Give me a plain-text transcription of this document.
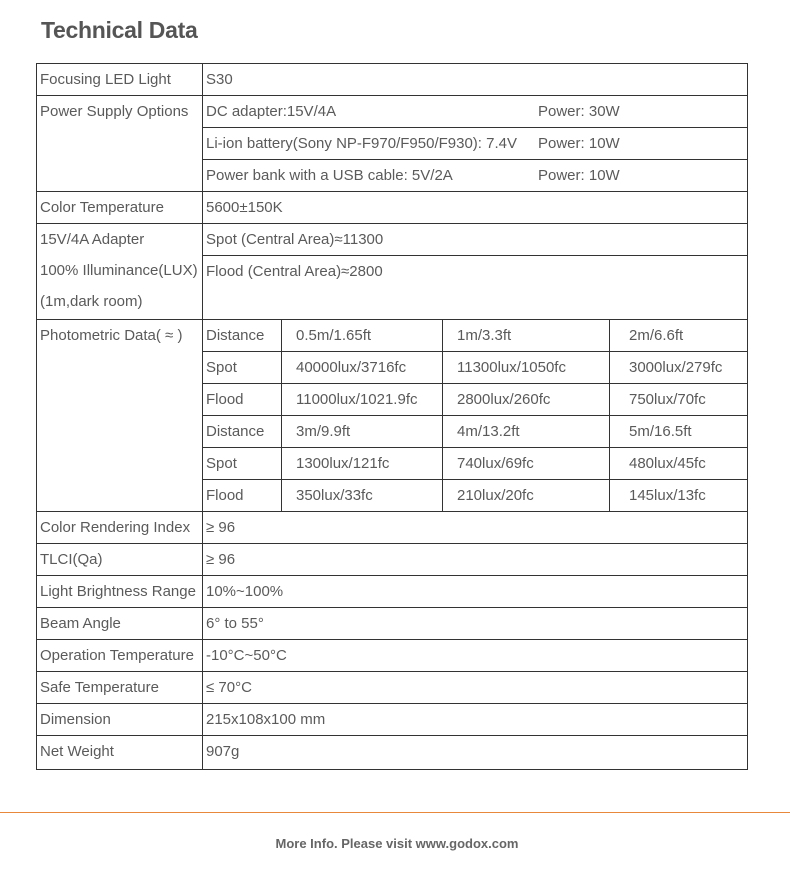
Technical Data
Focusing LED Light	S30
Power Supply Options	DC adapter:15V/4A	Power: 30W
Li-ion battery(Sony NP-F970/F950/F930): 7.4V Power: 10W
Power bank with a USB cable: 5V/2A	Power: 10W
Color Temperature	5600±150K

15V/4A Adapter
100% Illuminance(LUX)
(1m,dark room)
	Spot (Central Area)≈11300
Flood (Central Area)≈2800
Photometric Data( ≈ )	Distance	0.5m/1.65ft	1m/3.3ft	2m/6.6ft
Spot	40000lux/3716fc	11300lux/1050fc	3000lux/279fc
Flood	11000lux/1021.9fc	2800lux/260fc	750lux/70fc
Distance	3m/9.9ft	4m/13.2ft	5m/16.5ft
Spot	1300lux/121fc	740lux/69fc	480lux/45fc
Flood	350lux/33fc	210lux/20fc	145lux/13fc

Color Rendering Index	≥ 96
TLCI(Qa)	≥ 96
Light Brightness Range	10%~100%
Beam Angle	6° to 55°
Operation Temperature	-10°C~50°C
Safe Temperature	≤ 70°C
Dimension	215x108x100 mm
Net Weight	907g
More Info. Please visit www.godox.com
